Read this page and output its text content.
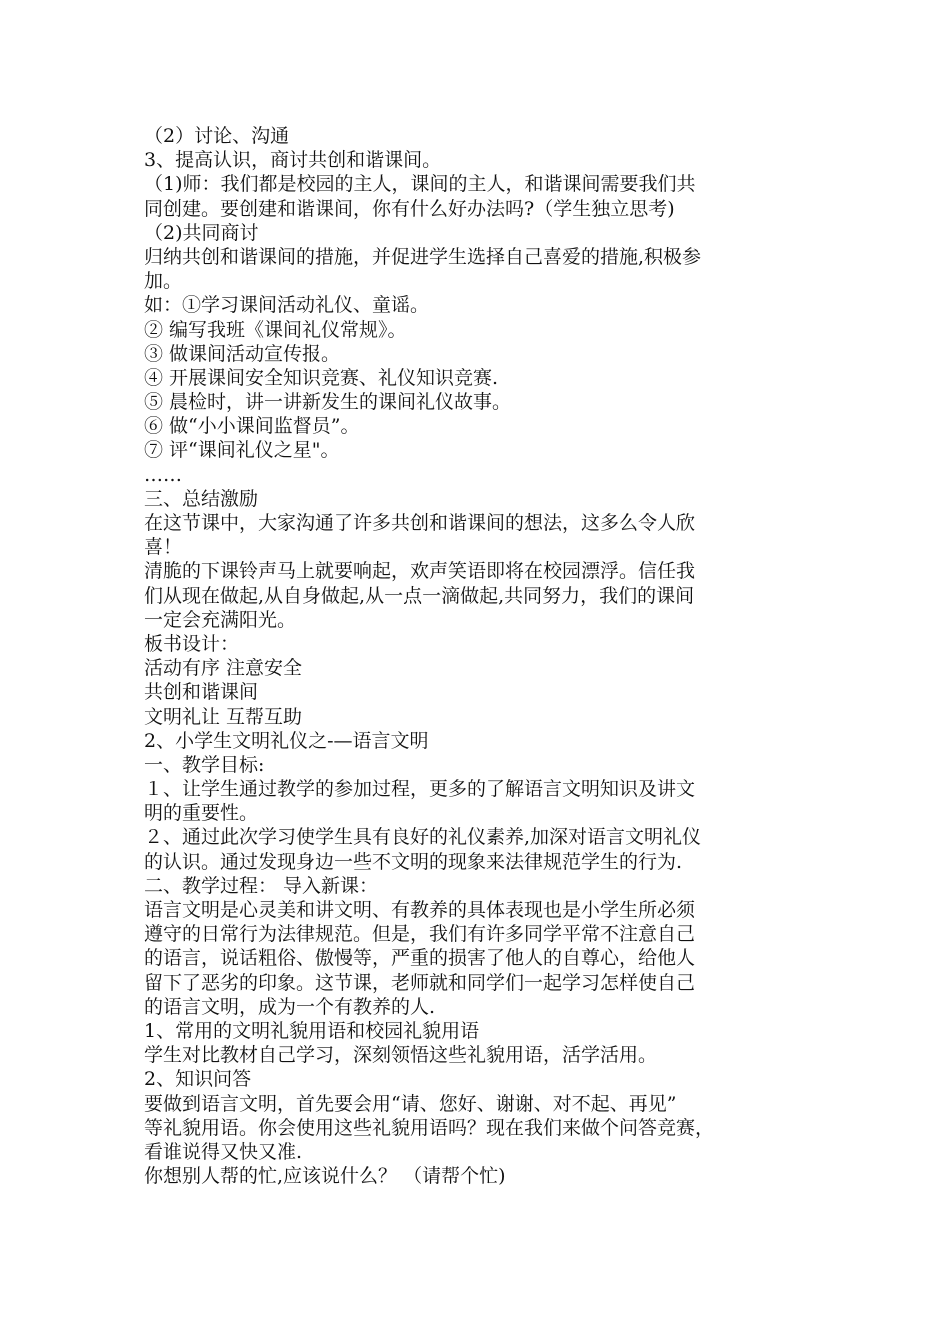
（2）讨论、沟通
3、提高认识，商讨共创和谐课间。
（1)师：我们都是校园的主人，课间的主人，和谐课间需要我们共
同创建。要创建和谐课间，你有什么好办法吗?（学生独立思考)
（2)共同商讨
归纳共创和谐课间的措施，并促进学生选择自己喜爱的措施,积极参
加。
如：①学习课间活动礼仪、童谣。
② 编写我班《课间礼仪常规》。
③ 做课间活动宣传报。
④ 开展课间安全知识竞赛、礼仪知识竞赛.
⑤ 晨检时，讲一讲新发生的课间礼仪故事。
⑥ 做“小小课间监督员”。
⑦ 评“课间礼仪之星"。
……
三、总结激励
在这节课中，大家沟通了许多共创和谐课间的想法，这多么令人欣
喜！
清脆的下课铃声马上就要响起，欢声笑语即将在校园漂浮。信任我
们从现在做起,从自身做起,从一点一滴做起,共同努力，我们的课间
一定会充满阳光。
板书设计：
活动有序 注意安全
共创和谐课间
文明礼让 互帮互助
2、小学生文明礼仪之-—语言文明
一、教学目标:
１、让学生通过教学的参加过程，更多的了解语言文明知识及讲文
明的重要性。
２、通过此次学习使学生具有良好的礼仪素养,加深对语言文明礼仪
的认识。通过发现身边一些不文明的现象来法律规范学生的行为.
二、教学过程： 导入新课：
语言文明是心灵美和讲文明、有教养的具体表现也是小学生所必须
遵守的日常行为法律规范。但是，我们有许多同学平常不注意自己
的语言，说话粗俗、傲慢等，严重的损害了他人的自尊心，给他人
留下了恶劣的印象。这节课，老师就和同学们一起学习怎样使自己
的语言文明，成为一个有教养的人.
1、常用的文明礼貌用语和校园礼貌用语
学生对比教材自己学习，深刻领悟这些礼貌用语，活学活用。
2、知识问答
要做到语言文明，首先要会用“请、您好、谢谢、对不起、再见”
等礼貌用语。你会使用这些礼貌用语吗？现在我们来做个问答竞赛，
看谁说得又快又准.
你想别人帮的忙,应该说什么？ （请帮个忙)
